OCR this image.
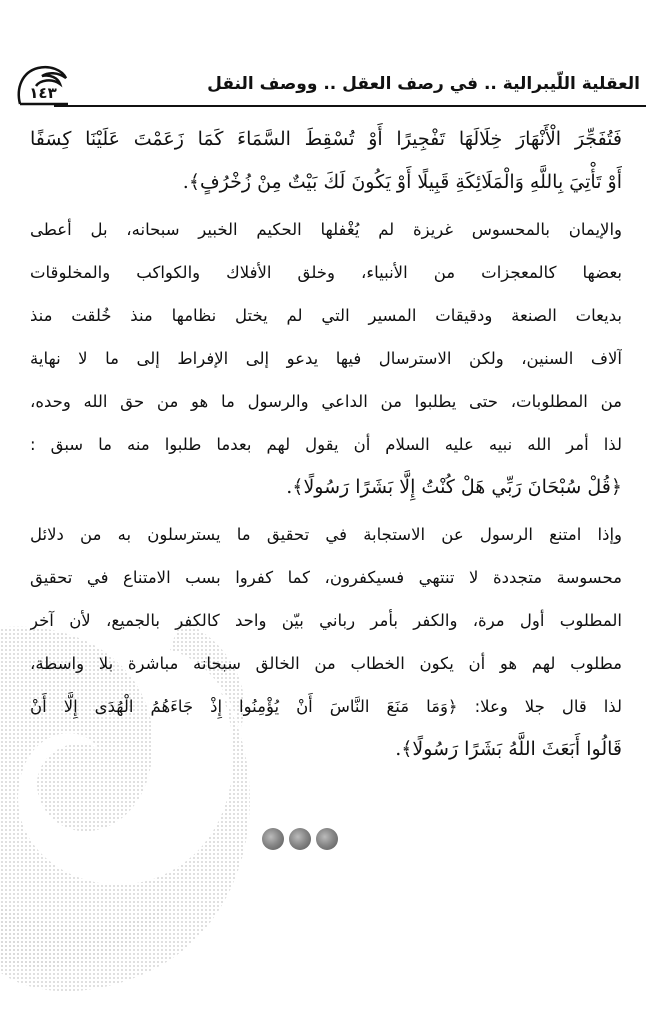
١٤٣	العقلية اللّيبرالية .. في رصف العقل .. ووصف النقل
فَتُفَجِّرَ الْأَنْهَارَ خِلَالَهَا تَفْجِيرًا أَوْ تُسْقِطَ السَّمَاءَ كَمَا زَعَمْتَ عَلَيْنَا كِسَفًا
أَوْ تَأْتِيَ بِاللَّهِ وَالْمَلَائِكَةِ قَبِيلًا أَوْ يَكُونَ لَكَ بَيْتٌ مِنْ زُخْرُفٍ﴾.
والإيمان بالمحسوس غريزة لم يُغْفلها الحكيم الخبير سبحانه، بل أعطى
بعضها كالمعجزات من الأنبياء، وخلق الأفلاك والكواكب والمخلوقات
بديعات الصنعة ودقيقات المسير التي لم يختل نظامها منذ خُلقت منذ
آلاف السنين، ولكن الاسترسال فيها يدعو إلى الإفراط إلى ما لا نهاية
من المطلوبات، حتى يطلبوا من الداعي والرسول ما هو من حق الله وحده،
لذا أمر الله نبيه عليه السلام أن يقول لهم بعدما طلبوا منه ما سبق :
﴿قُلْ سُبْحَانَ رَبِّي هَلْ كُنْتُ إِلَّا بَشَرًا رَسُولًا﴾.
وإذا امتنع الرسول عن الاستجابة في تحقيق ما يسترسلون به من دلائل
محسوسة متجددة لا تنتهي فسيكفرون، كما كفروا بسب الامتناع في تحقيق
المطلوب أول مرة، والكفر بأمر رباني بيّن واحد كالكفر بالجميع، لأن آخر
مطلوب لهم هو أن يكون الخطاب من الخالق سبحانه مباشرة بلا واسطة،
لذا قال جلا وعلا: ﴿وَمَا مَنَعَ النَّاسَ أَنْ يُؤْمِنُوا إِذْ جَاءَهُمُ الْهُدَى إِلَّا أَنْ
قَالُوا أَبَعَثَ اللَّهُ بَشَرًا رَسُولًا﴾.
